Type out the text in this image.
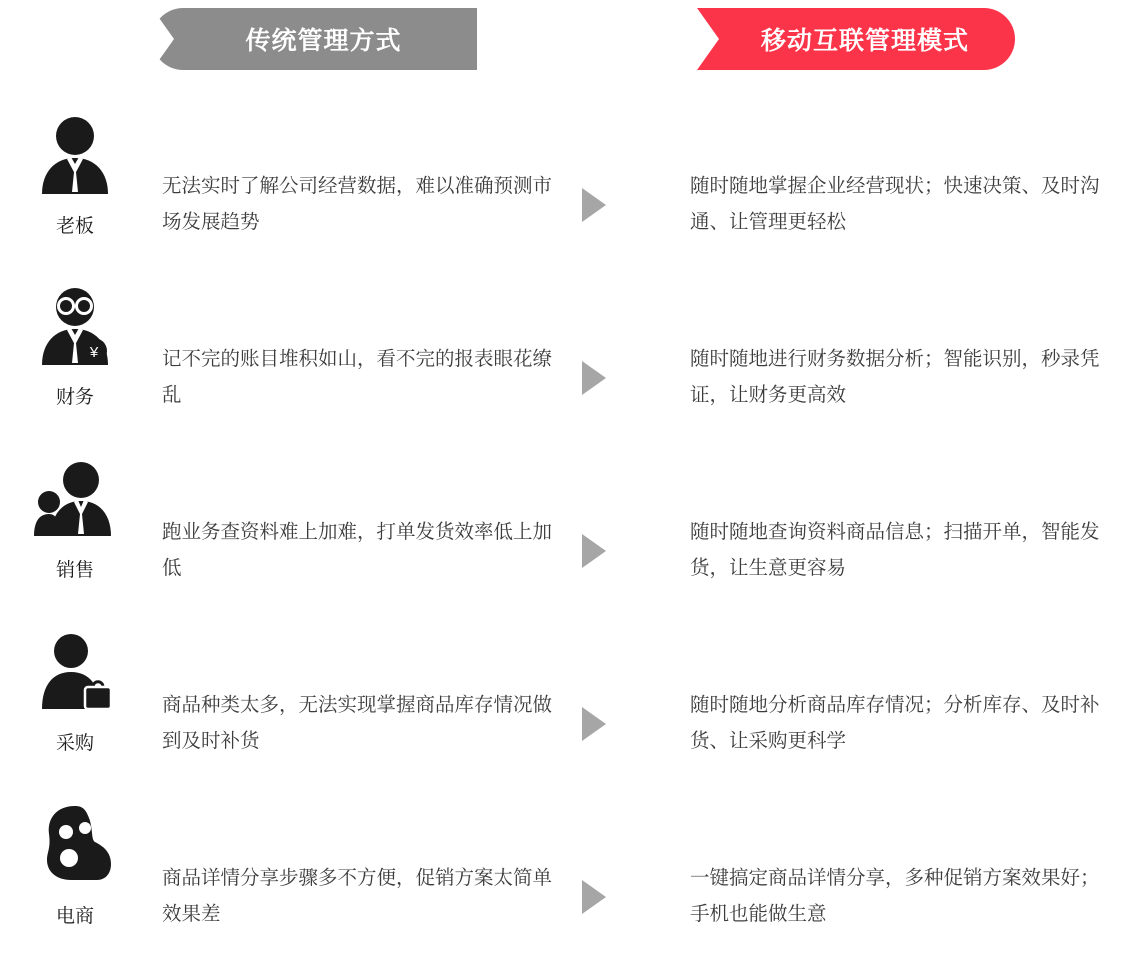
传统管理方式	移动互联管理模式
老板
无法实时了解公司经营数据，难以准确预测市场发展趋势
随时随地掌握企业经营现状；快速决策、及时沟通、让管理更轻松
¥
财务
记不完的账目堆积如山，看不完的报表眼花缭乱
随时随地进行财务数据分析；智能识别，秒录凭证，让财务更高效
销售
跑业务查资料难上加难，打单发货效率低上加低
随时随地查询资料商品信息；扫描开单，智能发货，让生意更容易
采购
商品种类太多，无法实现掌握商品库存情况做到及时补货
随时随地分析商品库存情况；分析库存、及时补货、让采购更科学
电商
商品详情分享步骤多不方便，促销方案太简单效果差
一键搞定商品详情分享，多种促销方案效果好；手机也能做生意
